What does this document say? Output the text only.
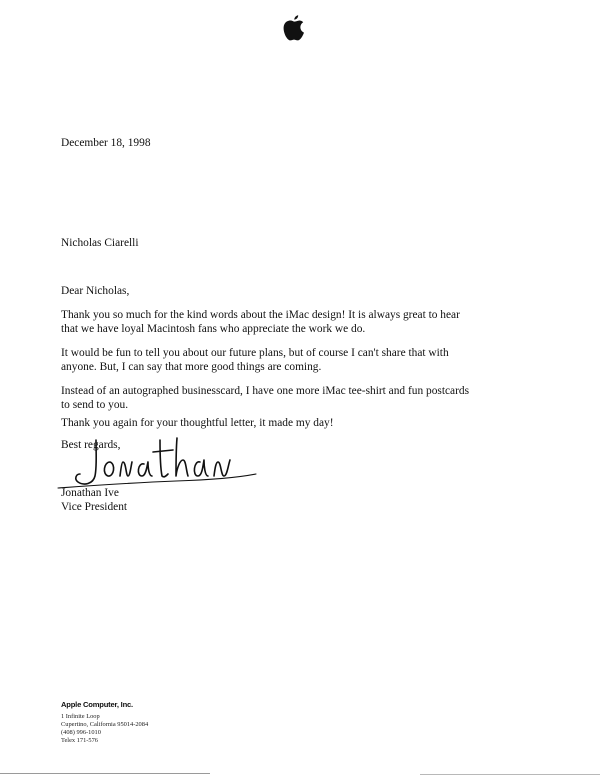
December 18, 1998
Nicholas Ciarelli
Dear Nicholas,
Thank you so much for the kind words about the iMac design! It is always great to hear
that we have loyal Macintosh fans who appreciate the work we do.
It would be fun to tell you about our future plans, but of course I can't share that with
anyone. But, I can say that more good things are coming.
Instead of an autographed businesscard, I have one more iMac tee-shirt and fun postcards
to send to you.
Thank you again for your thoughtful letter, it made my day!
Best regards,
Jonathan Ive
Vice President
Apple Computer, Inc.
1 Infinite Loop
Cupertino, California 95014-2084
(408) 996-1010
Telex 171-576
